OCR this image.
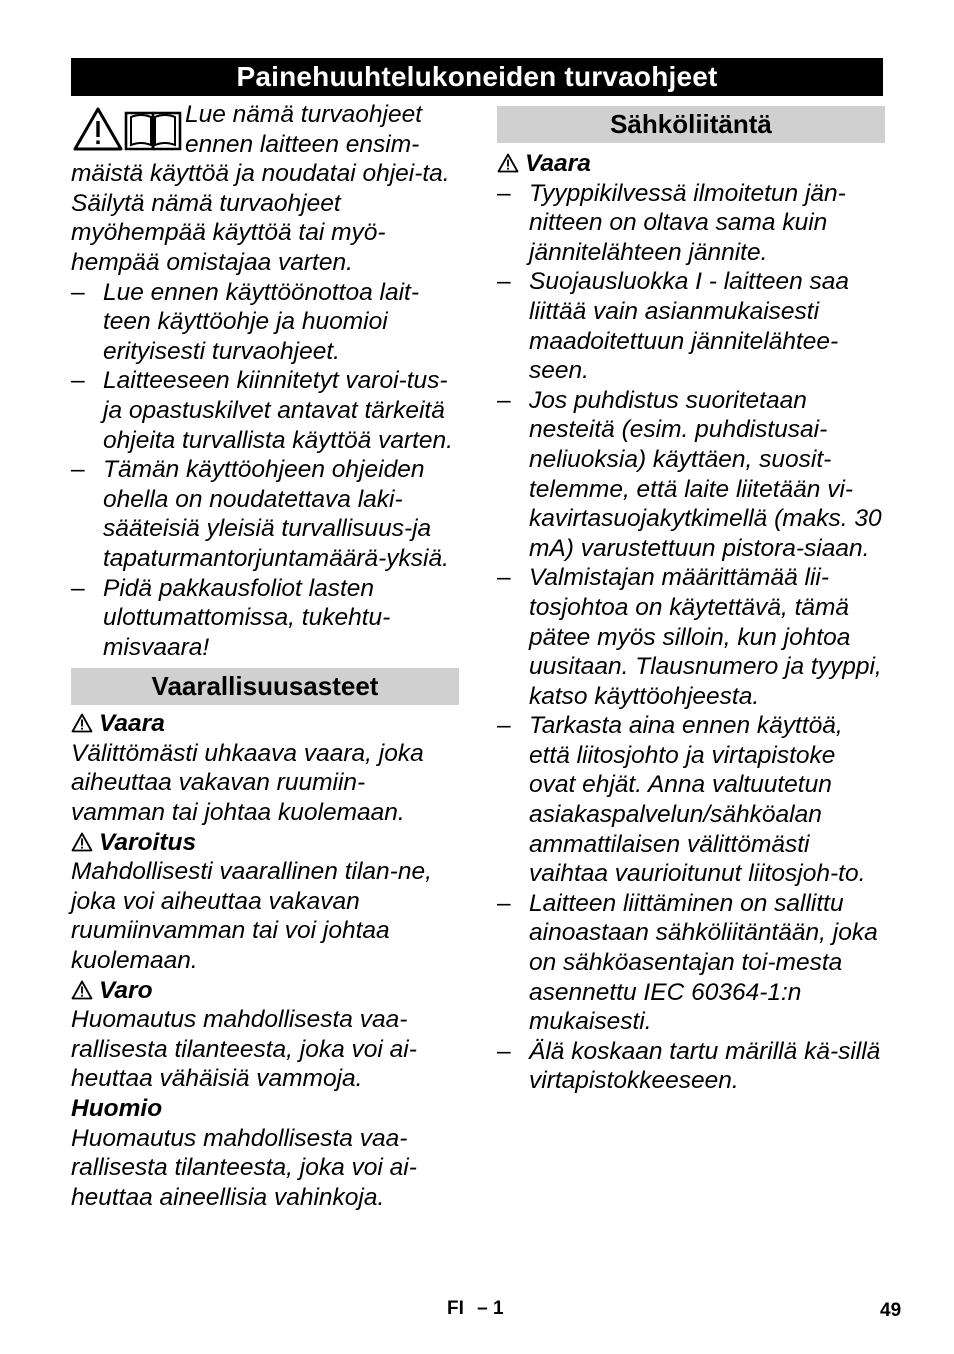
Painehuuhtelukoneiden turvaohjeet

Lue nämä turvaohjeet ennen laitteen ensim-

mäistä käyttöä ja noudatai ohjei-ta. Säilytä nämä turvaohjeet myöhempää käyttöä tai myö-hempää omistajaa varten.

– Lue ennen käyttöönottoa lait-teen käyttöohje ja huomioi erityisesti turvaohjeet.
– Laitteeseen kiinnitetyt varoi-tus- ja opastuskilvet antavat tärkeitä ohjeita turvallista käyttöä varten.
– Tämän käyttöohjeen ohjeiden ohella on noudatettava laki-sääteisiä yleisiä turvallisuus-ja tapaturmantorjuntamäärä-yksiä.
– Pidä pakkausfoliot lasten ulottumattomissa, tukehtu-misvaara!
Vaarallisuusasteet
Vaara

Välittömästi uhkaava vaara, joka aiheuttaa vakavan ruumiin-vamman tai johtaa kuolemaan.

Varoitus

Mahdollisesti vaarallinen tilan-ne, joka voi aiheuttaa vakavan ruumiinvamman tai voi johtaa kuolemaan.

Varo

Huomautus mahdollisesta vaa-rallisesta tilanteesta, joka voi ai-heuttaa vähäisiä vammoja.

Huomio

Huomautus mahdollisesta vaa-rallisesta tilanteesta, joka voi ai-heuttaa aineellisia vahinkoja.

Sähköliitäntä
Vaara
– Tyyppikilvessä ilmoitetun jän-nitteen on oltava sama kuin jännitelähteen jännite.
– Suojausluokka I - laitteen saa liittää vain asianmukaisesti maadoitettuun jännitelähtee-seen.
– Jos puhdistus suoritetaan nesteitä (esim. puhdistusai-neliuoksia) käyttäen, suosit-telemme, että laite liitetään vi-kavirtasuojakytkimellä (maks. 30 mA) varustettuun pistora-siaan.
– Valmistajan määrittämää lii-tosjohtoa on käytettävä, tämä pätee myös silloin, kun johtoa uusitaan. Tlausnumero ja tyyppi, katso käyttöohjeesta.
– Tarkasta aina ennen käyttöä, että liitosjohto ja virtapistoke ovat ehjät. Anna valtuutetun asiakaspalvelun/sähköalan ammattilaisen välittömästi vaihtaa vaurioitunut liitosjoh-to.
– Laitteen liittäminen on sallittu ainoastaan sähköliitäntään, joka on sähköasentajan toi-mesta asennettu IEC 60364-1:n mukaisesti.
– Älä koskaan tartu märillä kä-sillä virtapistokkeeseen.
FI – 1	49
